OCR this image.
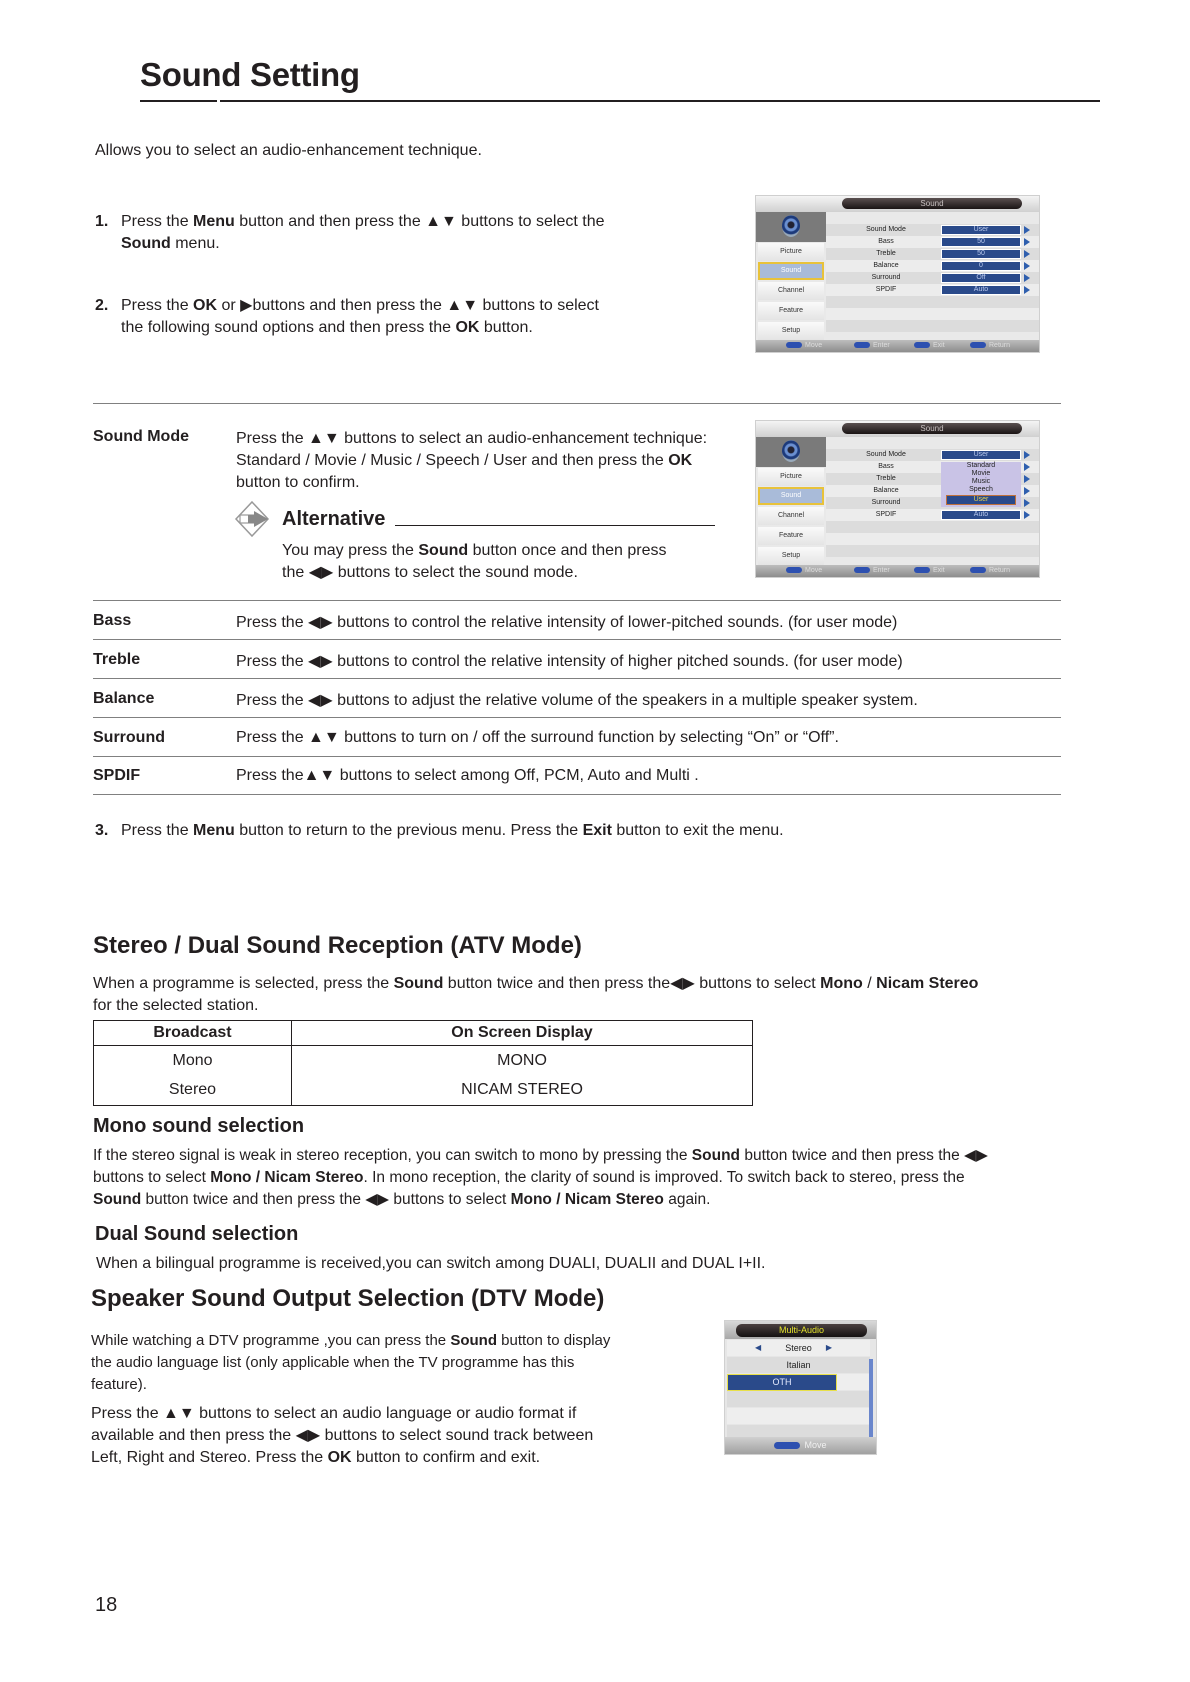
Sound Setting
Allows you to select an audio-enhancement technique.
1. Press the Menu button and then press the ▲▼ buttons to select the
Sound menu.
2. Press the OK or ▶buttons and then press the ▲▼ buttons to select
the following sound options and then press the OK button.
Sound
Picture
Sound
Channel
Feature
Setup
Sound Mode	User
Bass	50
Treble	50
Balance	0
Surround	Off
SPDIF	Auto
Move	Enter	Exit	Return
Sound Mode	Press the ▲▼ buttons to select an audio-enhancement technique:
Standard / Movie / Music / Speech / User and then press the OK
button to confirm.
Alternative
You may press the Sound button once and then press
the ◀▶ buttons to select the sound mode.
Sound
Picture
Sound
Channel
Feature
Setup
Sound Mode	User
Bass
Treble
Balance
Surround
SPDIF	Auto
Standard
Movie
Music
Speech
User
Move	Enter	Exit	Return
Bass	Press the ◀▶ buttons to control the relative intensity of lower-pitched sounds. (for user mode)
Treble	Press the ◀▶ buttons to control the relative intensity of higher pitched sounds. (for user mode)
Balance	Press the ◀▶ buttons to adjust the relative volume of the speakers in a multiple speaker system.
Surround	Press the ▲▼ buttons to turn on / off the surround function by selecting “On” or “Off”.
SPDIF	Press the▲▼ buttons to select among Off, PCM, Auto and Multi .
3. Press the Menu button to return to the previous menu. Press the Exit button to exit the menu.
Stereo / Dual Sound Reception (ATV Mode)
When a programme is selected, press the Sound button twice and then press the◀▶ buttons to select Mono / Nicam Stereo
for the selected station.
Broadcast	On Screen Display
Mono	MONO
Stereo	NICAM STEREO
Mono sound selection
If the stereo signal is weak in stereo reception, you can switch to mono by pressing the Sound button twice and then press the ◀▶
buttons to select Mono / Nicam Stereo. In mono reception, the clarity of sound is improved. To switch back to stereo, press the
Sound button twice and then press the ◀▶ buttons to select Mono / Nicam Stereo again.
Dual Sound selection
When a bilingual programme is received,you can switch among DUALI, DUALII and DUAL I+II.
Speaker Sound Output Selection (DTV Mode)
While watching a DTV programme ,you can press the Sound button to display
the audio language list (only applicable when the TV programme has this
feature).
Press the ▲▼ buttons to select an audio language or audio format if
available and then press the ◀▶ buttons to select sound track between
Left, Right and Stereo. Press the OK button to confirm and exit.
Multi-Audio
◀	Stereo ▶
Italian
OTH
Move
18
